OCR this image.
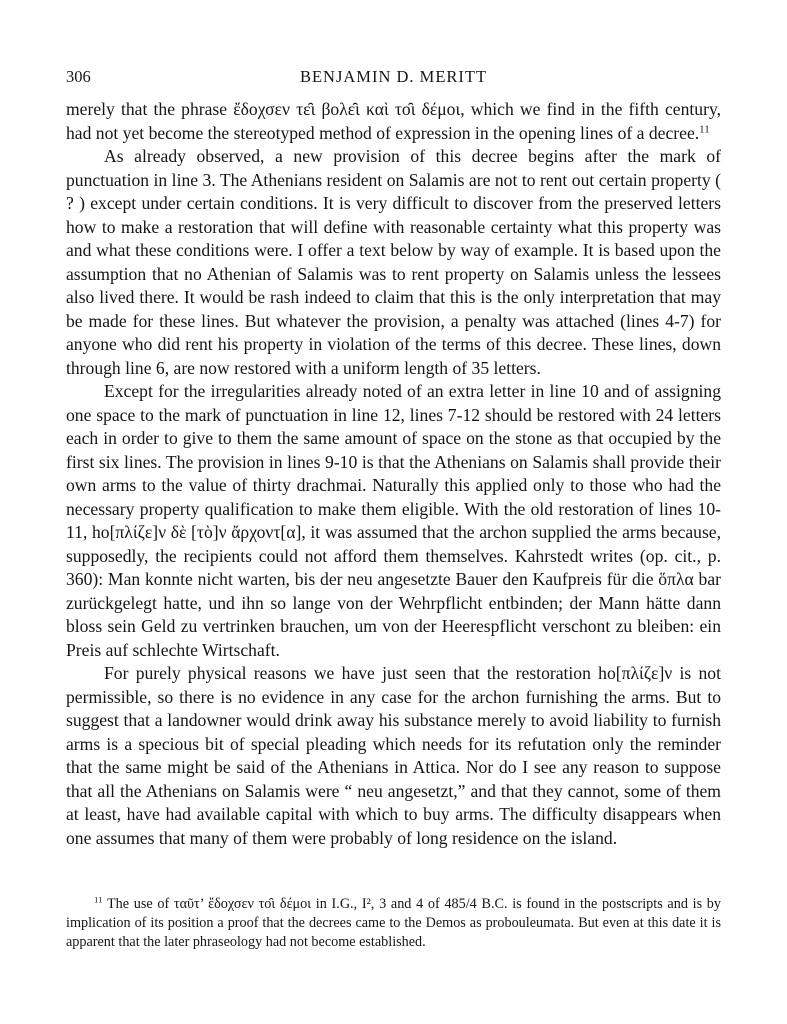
306	BENJAMIN D. MERITT

merely that the phrase ἔδοχσεν τε̑ι βολε̑ι καὶ το̑ι δέμοι, which we find in the fifth century, had not yet become the stereotyped method of expression in the opening lines of a decree.$^{11}$

As already observed, a new provision of this decree begins after the mark of punctuation in line 3. The Athenians resident on Salamis are not to rent out certain property ( ? ) except under certain conditions. It is very difficult to discover from the preserved letters how to make a restoration that will define with reasonable certainty what this property was and what these conditions were. I offer a text below by way of example. It is based upon the assumption that no Athenian of Salamis was to rent property on Salamis unless the lessees also lived there. It would be rash indeed to claim that this is the only interpretation that may be made for these lines. But whatever the provision, a penalty was attached (lines 4-7) for anyone who did rent his property in violation of the terms of this decree. These lines, down through line 6, are now restored with a uniform length of 35 letters.

Except for the irregularities already noted of an extra letter in line 10 and of assigning one space to the mark of punctuation in line 12, lines 7-12 should be restored with 24 letters each in order to give to them the same amount of space on the stone as that occupied by the first six lines. The provision in lines 9-10 is that the Athenians on Salamis shall provide their own arms to the value of thirty drachmai. Naturally this applied only to those who had the necessary property qualification to make them eligible. With the old restoration of lines 10-11, hο[πλίζε]ν δὲ [τὸ]ν ἄρχοντ[α], it was assumed that the archon supplied the arms because, supposedly, the recipients could not afford them themselves. Kahrstedt writes (op. cit., p. 360): Man konnte nicht warten, bis der neu angesetzte Bauer den Kaufpreis für die ὅπλα bar zurückgelegt hatte, und ihn so lange von der Wehrpflicht entbinden; der Mann hätte dann bloss sein Geld zu vertrinken brauchen, um von der Heerespflicht verschont zu bleiben: ein Preis auf schlechte Wirtschaft.

For purely physical reasons we have just seen that the restoration hο[πλίζε]ν is not permissible, so there is no evidence in any case for the archon furnishing the arms. But to suggest that a landowner would drink away his substance merely to avoid liability to furnish arms is a specious bit of special pleading which needs for its refutation only the reminder that the same might be said of the Athenians in Attica. Nor do I see any reason to suppose that all the Athenians on Salamis were “ neu angesetzt,” and that they cannot, some of them at least, have had available capital with which to buy arms. The difficulty disappears when one assumes that many of them were probably of long residence on the island.

$^{11}$ The use of ταῦτ’ ἔδοχσεν το̑ι δέμοι in I.G., I², 3 and 4 of 485/4 B.C. is found in the postscripts and is by implication of its position a proof that the decrees came to the Demos as probouleumata. But even at this date it is apparent that the later phraseology had not become established.
